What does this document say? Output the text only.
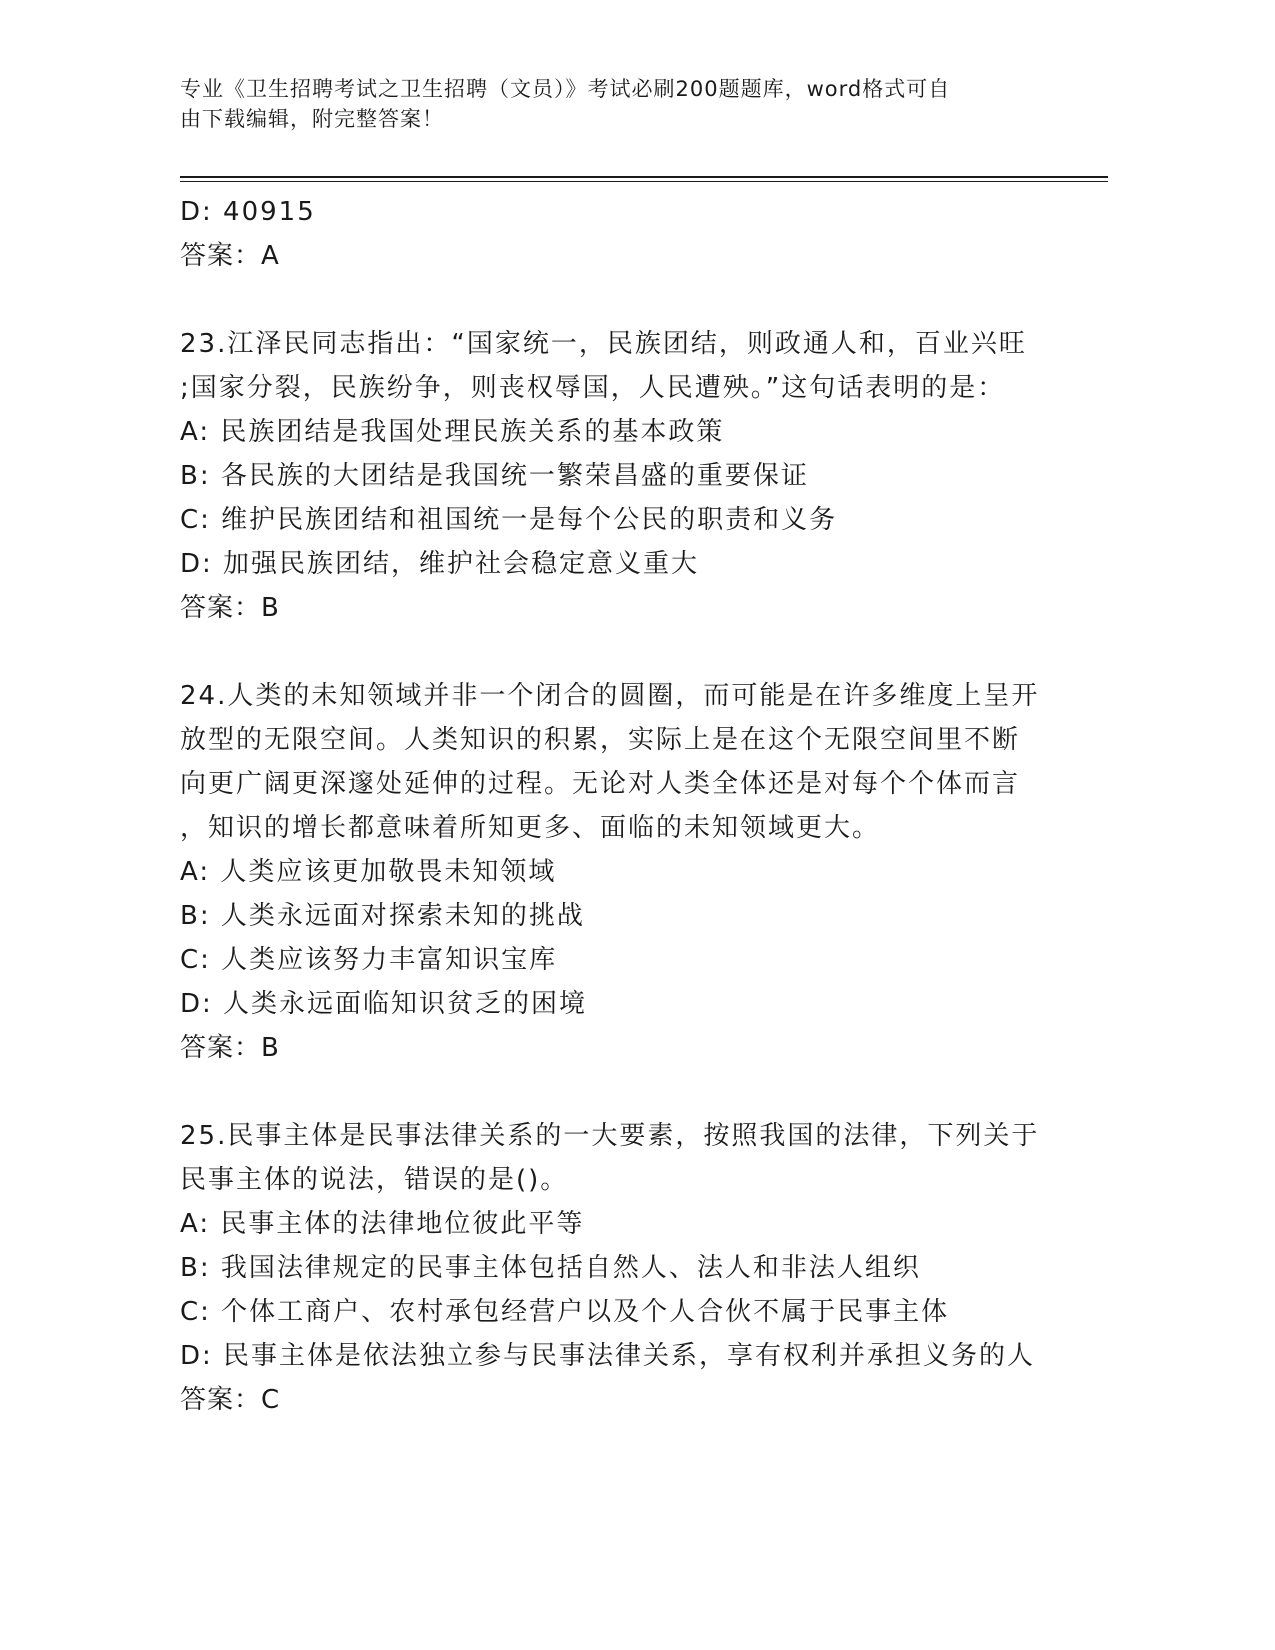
专业《卫生招聘考试之卫生招聘（文员）》考试必刷200题题库，word格式可自
由下载编辑，附完整答案！
D: 40915
答案：A
23.江泽民同志指出：“国家统一，民族团结，则政通人和，百业兴旺
;国家分裂，民族纷争，则丧权辱国，人民遭殃。”这句话表明的是：
A: 民族团结是我国处理民族关系的基本政策
B: 各民族的大团结是我国统一繁荣昌盛的重要保证
C: 维护民族团结和祖国统一是每个公民的职责和义务
D: 加强民族团结，维护社会稳定意义重大
答案：B
24.人类的未知领域并非一个闭合的圆圈，而可能是在许多维度上呈开
放型的无限空间。人类知识的积累，实际上是在这个无限空间里不断
向更广阔更深邃处延伸的过程。无论对人类全体还是对每个个体而言
，知识的增长都意味着所知更多、面临的未知领域更大。
A: 人类应该更加敬畏未知领域
B: 人类永远面对探索未知的挑战
C: 人类应该努力丰富知识宝库
D: 人类永远面临知识贫乏的困境
答案：B
25.民事主体是民事法律关系的一大要素，按照我国的法律，下列关于
民事主体的说法，错误的是()。
A: 民事主体的法律地位彼此平等
B: 我国法律规定的民事主体包括自然人、法人和非法人组织
C: 个体工商户、农村承包经营户以及个人合伙不属于民事主体
D: 民事主体是依法独立参与民事法律关系，享有权利并承担义务的人
答案：C
